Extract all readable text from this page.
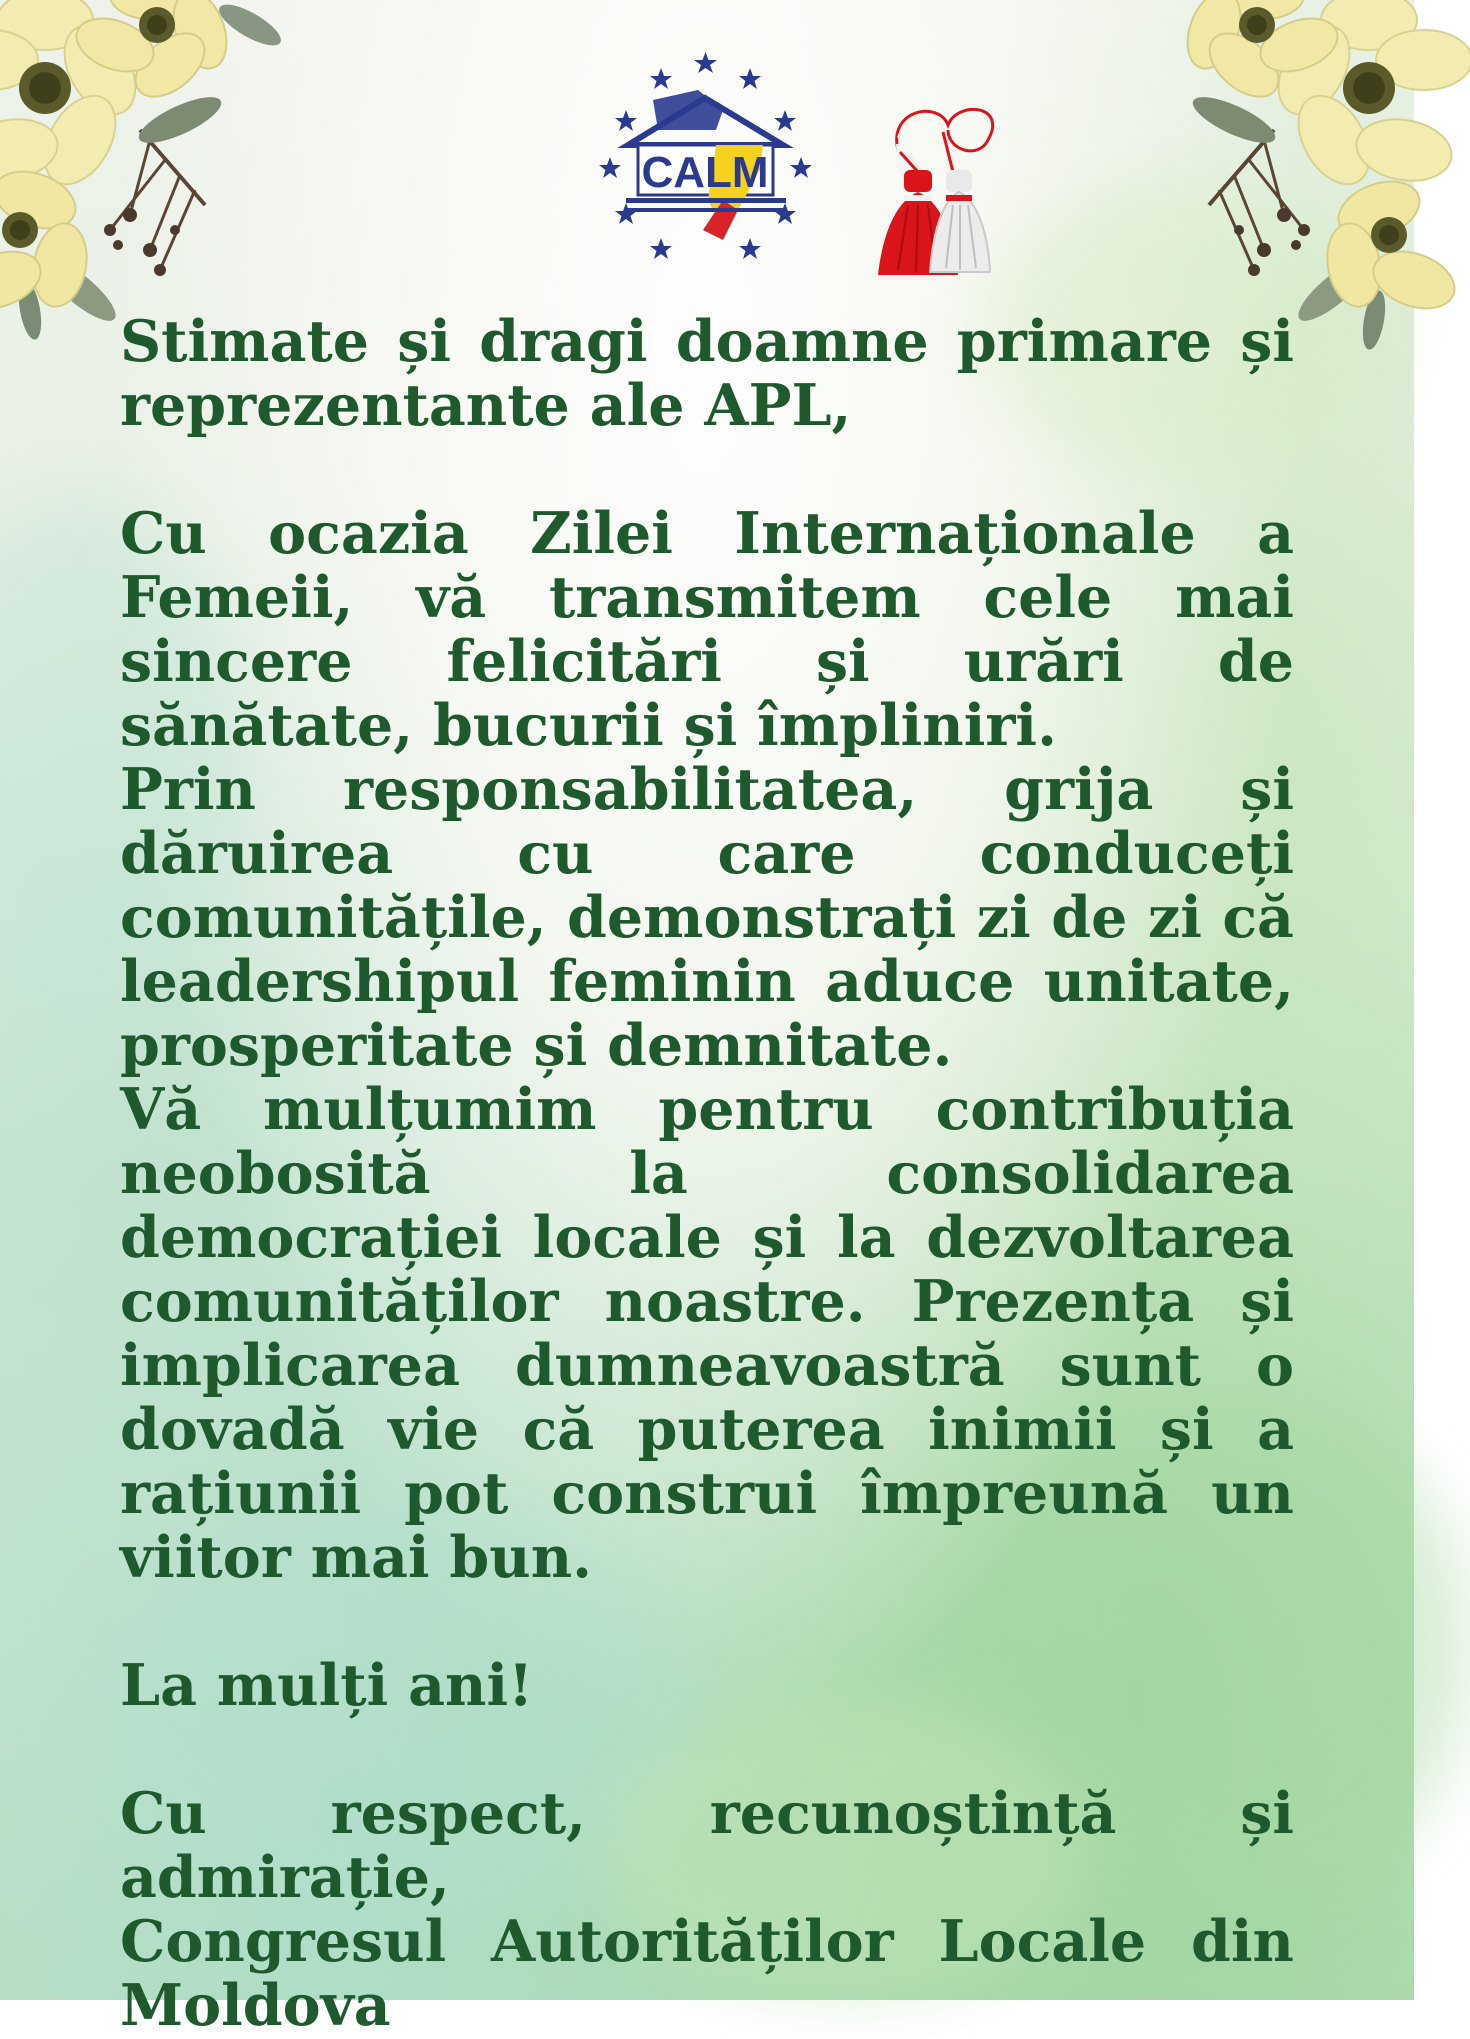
CALM

Stimate și dragi doamne primare și reprezentante ale APL,

Cu ocazia Zilei Internaționale a Femeii, vă transmitem cele mai sincere felicitări și urări de sănătate, bucurii și împliniri.

Prin responsabilitatea, grija și dăruirea cu care conduceți comunitățile, demonstrați zi de zi că leadershipul feminin aduce unitate, prosperitate și demnitate.

Vă mulțumim pentru contribuția neobosită la consolidarea democrației locale și la dezvoltarea comunităților noastre. Prezența și implicarea dumneavoastră sunt o dovadă vie că puterea inimii și a rațiunii pot construi împreună un viitor mai bun.

La mulți ani!

Cu respect, recunoștință și admirație,

Congresul Autorităților Locale din Moldova
